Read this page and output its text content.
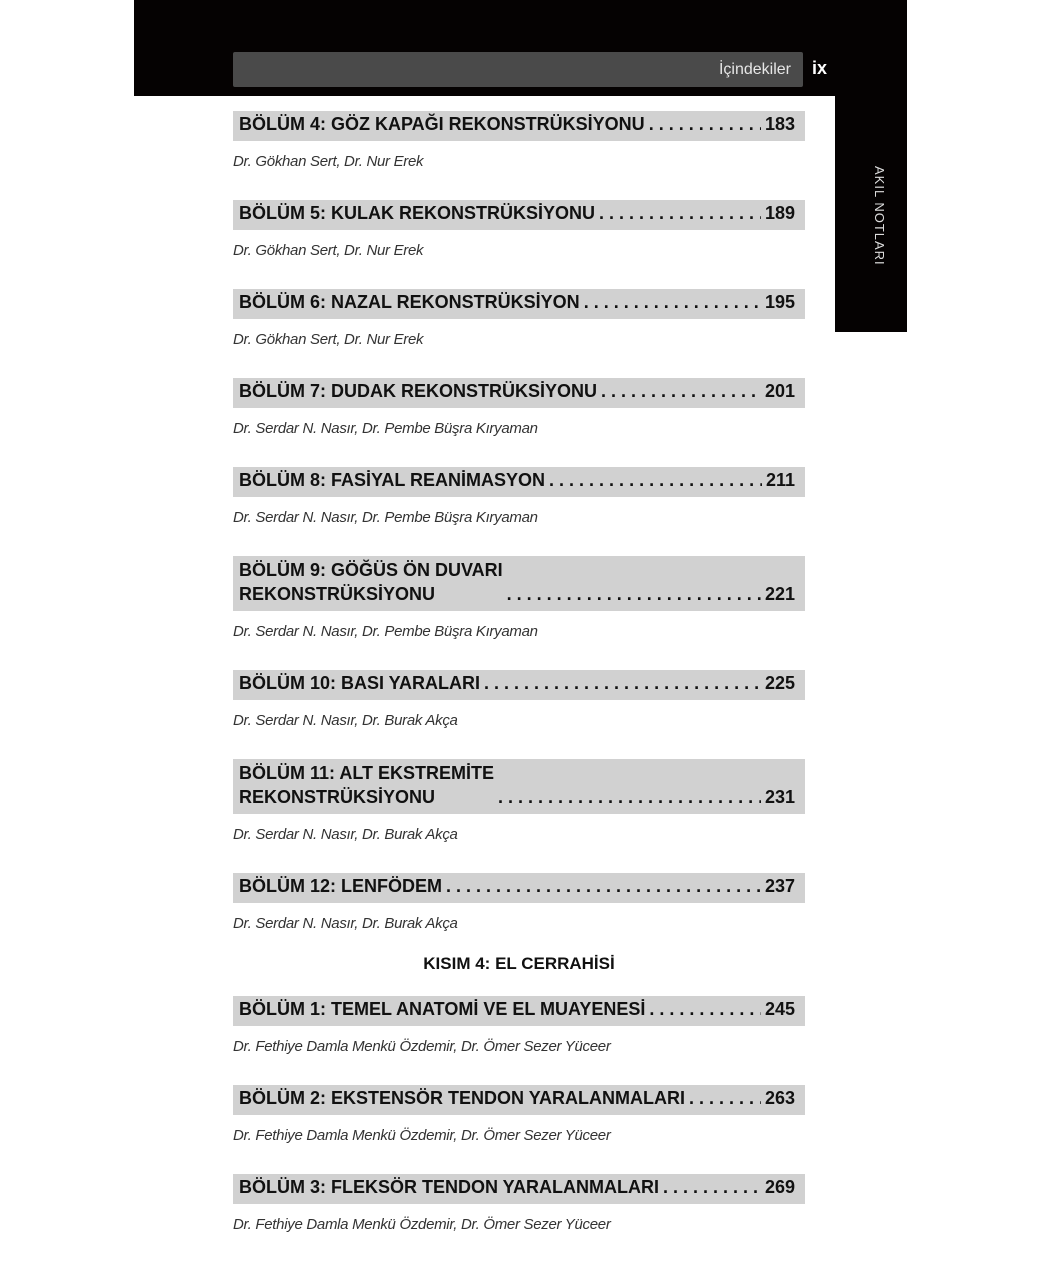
İçindekiler ix
AKIL NOTLARI
BÖLÜM 4: GÖZ KAPAĞI REKONSTRÜKSİYONU . . .	183
Dr. Gökhan Sert, Dr. Nur Erek
BÖLÜM 5: KULAK REKONSTRÜKSİYONU . . .	189
Dr. Gökhan Sert, Dr. Nur Erek
BÖLÜM 6: NAZAL REKONSTRÜKSİYON . . .	195
Dr. Gökhan Sert, Dr. Nur Erek
BÖLÜM 7: DUDAK REKONSTRÜKSİYONU . . .	201
Dr. Serdar N. Nasır, Dr. Pembe Büşra Kıryaman
BÖLÜM 8: FASİYAL REANİMASYON . . .	211
Dr. Serdar N. Nasır, Dr. Pembe Büşra Kıryaman
BÖLÜM 9: GÖĞÜS ÖN DUVARI
REKONSTRÜKSİYONU . . .	221
Dr. Serdar N. Nasır, Dr. Pembe Büşra Kıryaman
BÖLÜM 10: BASI YARALARI . . .	225
Dr. Serdar N. Nasır, Dr. Burak Akça
BÖLÜM 11: ALT EKSTREMİTE
REKONSTRÜKSİYONU . . .	231
Dr. Serdar N. Nasır, Dr. Burak Akça
BÖLÜM 12: LENFÖDEM . . .	237
Dr. Serdar N. Nasır, Dr. Burak Akça
KISIM 4: EL CERRAHİSİ
BÖLÜM 1: TEMEL ANATOMİ VE EL MUAYENESİ . . .	245
Dr. Fethiye Damla Menkü Özdemir, Dr. Ömer Sezer Yüceer
BÖLÜM 2: EKSTENSÖR TENDON YARALANMALARI . . .	263
Dr. Fethiye Damla Menkü Özdemir, Dr. Ömer Sezer Yüceer
BÖLÜM 3: FLEKSÖR TENDON YARALANMALARI . . .	269
Dr. Fethiye Damla Menkü Özdemir, Dr. Ömer Sezer Yüceer
